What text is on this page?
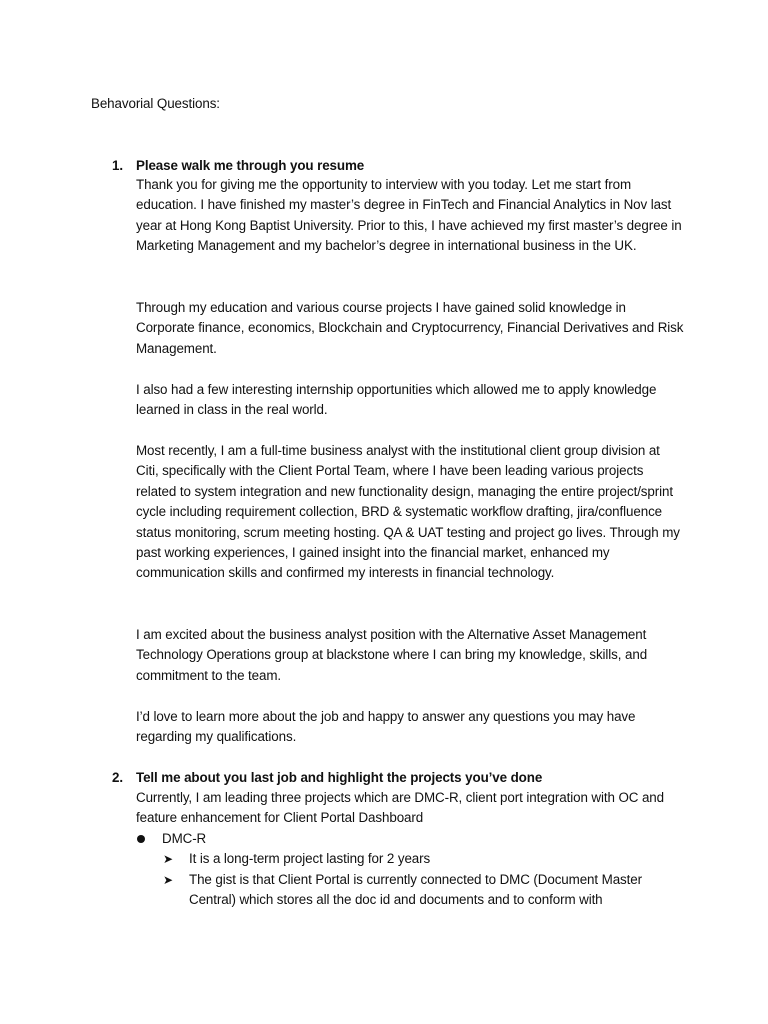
Behavorial Questions:
1. Please walk me through you resume

Thank you for giving me the opportunity to interview with you today. Let me start from education. I have finished my master’s degree in FinTech and Financial Analytics in Nov last year at Hong Kong Baptist University. Prior to this, I have achieved my first master’s degree in Marketing Management and my bachelor’s degree in international business in the UK.

Through my education and various course projects I have gained solid knowledge in Corporate finance, economics, Blockchain and Cryptocurrency, Financial Derivatives and Risk Management.

I also had a few interesting internship opportunities which allowed me to apply knowledge learned in class in the real world.

Most recently, I am a full-time business analyst with the institutional client group division at Citi, specifically with the Client Portal Team, where I have been leading various projects related to system integration and new functionality design, managing the entire project/sprint cycle including requirement collection, BRD & systematic workflow drafting, jira/confluence status monitoring, scrum meeting hosting. QA & UAT testing and project go lives. Through my past working experiences, I gained insight into the financial market, enhanced my communication skills and confirmed my interests in financial technology.

I am excited about the business analyst position with the Alternative Asset Management Technology Operations group at blackstone where I can bring my knowledge, skills, and commitment to the team.

I’d love to learn more about the job and happy to answer any questions you may have regarding my qualifications.

2. Tell me about you last job and highlight the projects you’ve done

Currently, I am leading three projects which are DMC-R, client port integration with OC and feature enhancement for Client Portal Dashboard

DMC-R
➤ It is a long-term project lasting for 2 years

➤ The gist is that Client Portal is currently connected to DMC (Document Master Central) which stores all the doc id and documents and to conform with
